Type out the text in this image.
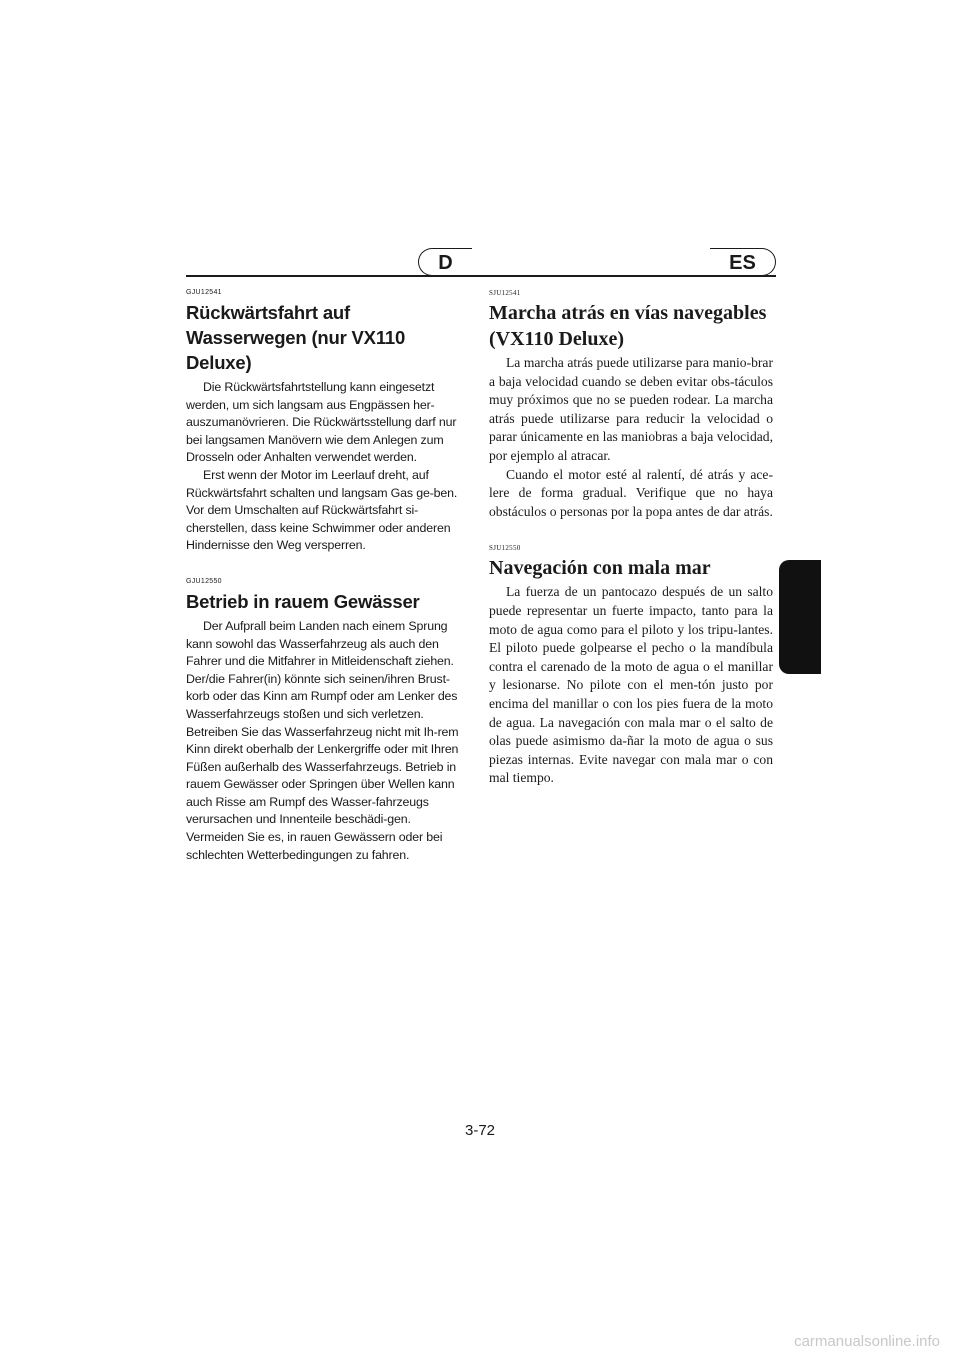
D	ES
GJU12541
Rückwärtsfahrt auf Wasserwegen (nur VX110 Deluxe)

Die Rückwärtsfahrtstellung kann eingesetzt werden, um sich langsam aus Engpässen her-auszumanövrieren. Die Rückwärtsstellung darf nur bei langsamen Manövern wie dem Anlegen zum Drosseln oder Anhalten verwendet werden.

Erst wenn der Motor im Leerlauf dreht, auf Rückwärtsfahrt schalten und langsam Gas ge-ben. Vor dem Umschalten auf Rückwärtsfahrt si-cherstellen, dass keine Schwimmer oder anderen Hindernisse den Weg versperren.

GJU12550
Betrieb in rauem Gewässer

Der Aufprall beim Landen nach einem Sprung kann sowohl das Wasserfahrzeug als auch den Fahrer und die Mitfahrer in Mitleidenschaft ziehen. Der/die Fahrer(in) könnte sich seinen/ihren Brust-korb oder das Kinn am Rumpf oder am Lenker des Wasserfahrzeugs stoßen und sich verletzen. Betreiben Sie das Wasserfahrzeug nicht mit Ih-rem Kinn direkt oberhalb der Lenkergriffe oder mit Ihren Füßen außerhalb des Wasserfahrzeugs. Betrieb in rauem Gewässer oder Springen über Wellen kann auch Risse am Rumpf des Wasser-fahrzeugs verursachen und Innenteile beschädi-gen. Vermeiden Sie es, in rauen Gewässern oder bei schlechten Wetterbedingungen zu fahren.

SJU12541
Marcha atrás en vías navegables (VX110 Deluxe)

La marcha atrás puede utilizarse para manio-brar a baja velocidad cuando se deben evitar obs-táculos muy próximos que no se pueden rodear. La marcha atrás puede utilizarse para reducir la velocidad o parar únicamente en las maniobras a baja velocidad, por ejemplo al atracar.

Cuando el motor esté al ralentí, dé atrás y ace-lere de forma gradual. Verifique que no haya obstáculos o personas por la popa antes de dar atrás.

SJU12550
Navegación con mala mar

La fuerza de un pantocazo después de un salto puede representar un fuerte impacto, tanto para la moto de agua como para el piloto y los tripu-lantes. El piloto puede golpearse el pecho o la mandíbula contra el carenado de la moto de agua o el manillar y lesionarse. No pilote con el men-tón justo por encima del manillar o con los pies fuera de la moto de agua. La navegación con mala mar o el salto de olas puede asimismo da-ñar la moto de agua o sus piezas internas. Evite navegar con mala mar o con mal tiempo.

3-72
carmanualsonline.info
